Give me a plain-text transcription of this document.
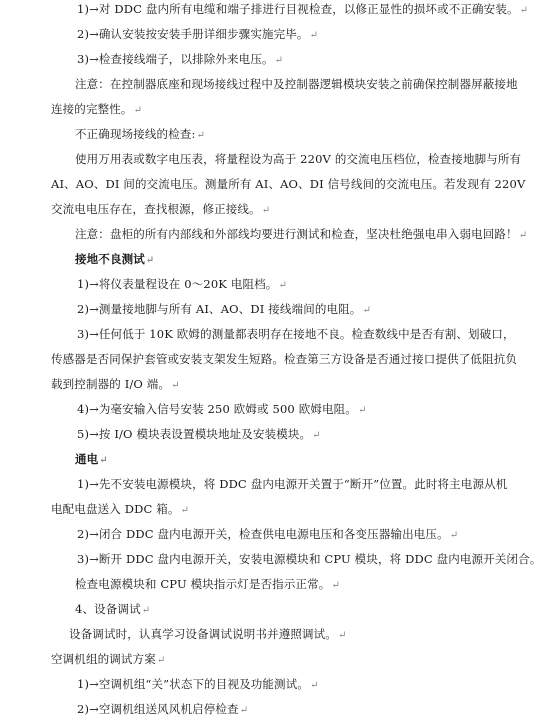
1)→对 DDC 盘内所有电缆和端子排进行目视检查，以修正显性的损坏或不正确安装。↵
2)→确认安装按安装手册详细步骤实施完毕。↵
3)→检查接线端子，以排除外来电压。↵
注意：在控制器底座和现场接线过程中及控制器逻辑模块安装之前确保控制器屏蔽接地
连接的完整性。↵
不正确现场接线的检查:↵
使用万用表或数字电压表，将量程设为高于 220V 的交流电压档位，检查接地脚与所有
AI、AO、DI 间的交流电压。测量所有 AI、AO、DI 信号线间的交流电压。若发现有 220V
交流电电压存在，查找根源，修正接线。↵
注意：盘柜的所有内部线和外部线均要进行测试和检查，坚决杜绝强电串入弱电回路！↵
接地不良测试↵
1)→将仪表量程设在 0～20K 电阻档。↵
2)→测量接地脚与所有 AI、AO、DI 接线端间的电阻。↵
3)→任何低于 10K 欧姆的测量都表明存在接地不良。检查数线中是否有割、划破口，
传感器是否同保护套管或安装支架发生短路。检查第三方设备是否通过接口提供了低阻抗负
载到控制器的 I/O 端。↵
4)→为毫安输入信号安装 250 欧姆或 500 欧姆电阻。↵
5)→按 I/O 模块表设置模块地址及安装模块。↵
通电↵
1)→先不安装电源模块，将 DDC 盘内电源开关置于“断开”位置。此时将主电源从机
电配电盘送入 DDC 箱。↵
2)→闭合 DDC 盘内电源开关，检查供电电源电压和各变压器输出电压。↵
3)→断开 DDC 盘内电源开关，安装电源模块和 CPU 模块，将 DDC 盘内电源开关闭合。
检查电源模块和 CPU 模块指示灯是否指示正常。↵
4、设备调试↵
设备调试时，认真学习设备调试说明书并遵照调试。↵
空调机组的调试方案↵
1)→空调机组“关”状态下的目视及功能测试。↵
2)→空调机组送风风机启停检查↵
